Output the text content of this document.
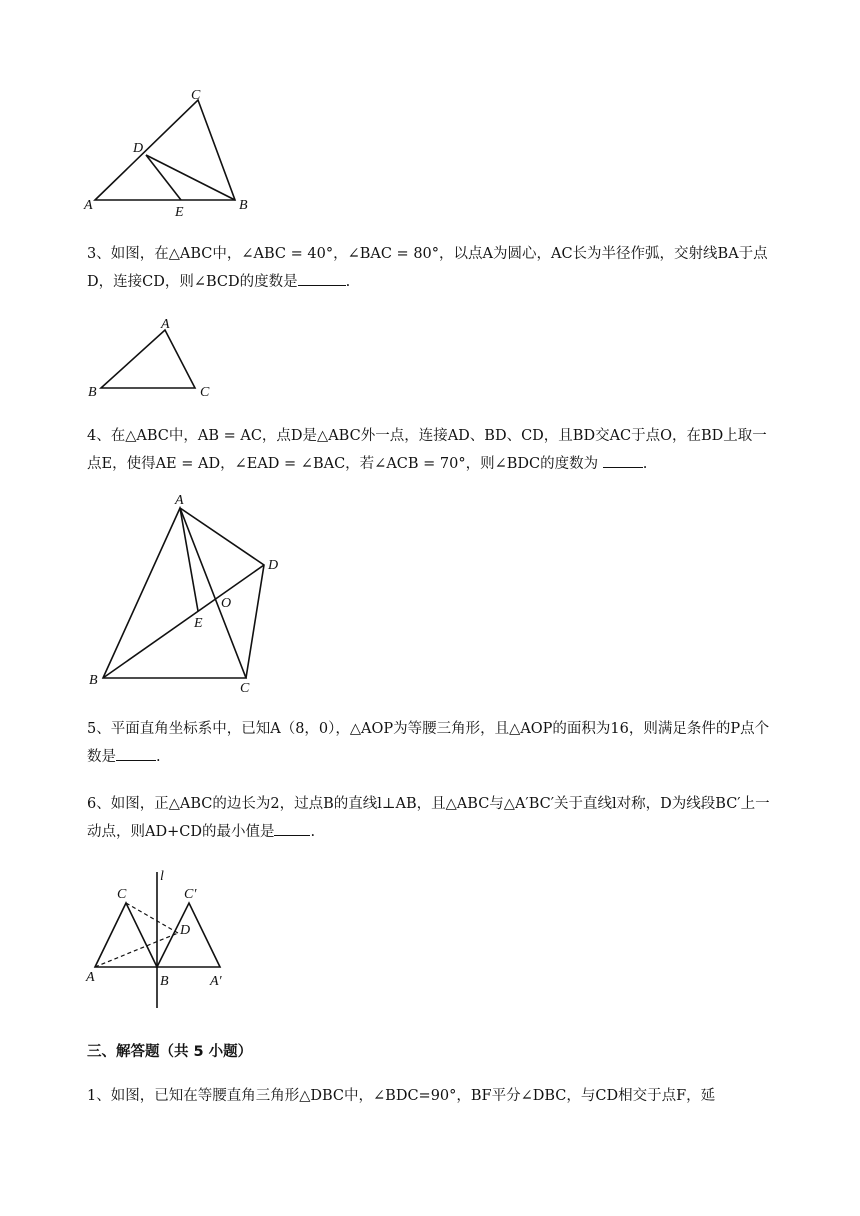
C
D
A	E	B
3、如图，在△ABC中，∠ABC = 40°，∠BAC = 80°，以点A为圆心，AC长为半径作弧，交射线BA于点D，连接CD，则∠BCD的度数是	.
A
B	C
4、在△ABC中，AB = AC，点D是△ABC外一点，连接AD、BD、CD，且BD交AC于点O，在BD上取一点E，使得AE = AD，∠EAD = ∠BAC，若∠ACB = 70°，则∠BDC的度数为	.
A
D
O
E
B
C
5、平面直角坐标系中，已知A（8，0），△AOP为等腰三角形，且△AOP的面积为16，则满足条件的P点个数是	.
6、如图，正△ABC的边长为2，过点B的直线l⊥AB，且△ABC与△A′BC′关于直线l对称，D为线段BC′上一动点，则AD+CD的最小值是 .
l
C	C′
D
A	B	A′
三、解答题（共 5 小题）
1、如图，已知在等腰直角三角形△DBC中，∠BDC=90°，BF平分∠DBC，与CD相交于点F，延
